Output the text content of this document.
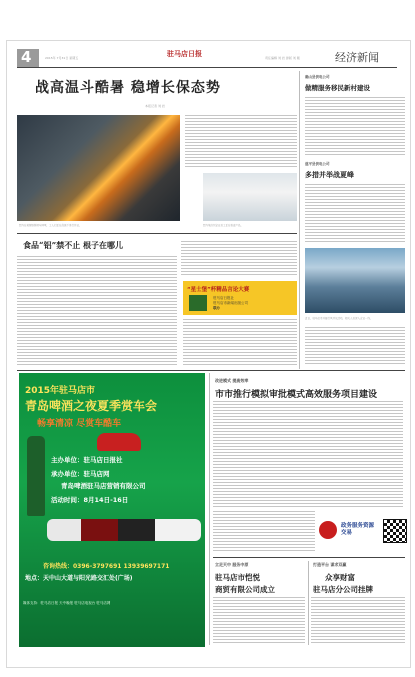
4	2015年 7月31日 星期五	驻马店日报	责任编辑 刘 岩 排版 刘 刚	经济新闻
战高温斗酷暑 稳增长保态势
本报记者 刘 岩
图为在某钢铁铸造车间里，工人们正在高温下进行作业。	图为某纺织企业员工正在检查产品。
确山县供电公司
做精服务移民新村建设
遂平县供电公司
多措并举战夏峰
近日，驻马店市开展行风评议活动，相关人员深入企业一线。
食品“铝”禁不止 根子在哪儿
“星士堡”杯精品言论大赛
驻马店日报社
驻马店市新闻出版公司
联办
2015年驻马店市
青岛啤酒之夜夏季赏车会
畅享清凉 尽赏车酷车
主办单位：驻马店日报社
承办单位：驻马店网
青岛啤酒驻马店营销有限公司
活动时间：8月14日-16日
咨询热线：0396-3797691 13939697171
地点：天中山大道与阳光路交汇处(广场)
媒体支持：驻马店日报 天中晚报 驻马店电视台 驻马店网
改进模式 提高效率
市市推行模拟审批模式高效服务项目建设
政务服务资源交易
立足天中 服务中原
驻马店市恺悦
商贸有限公司成立
打造平台 谋求双赢
众享财富
驻马店分公司挂牌
